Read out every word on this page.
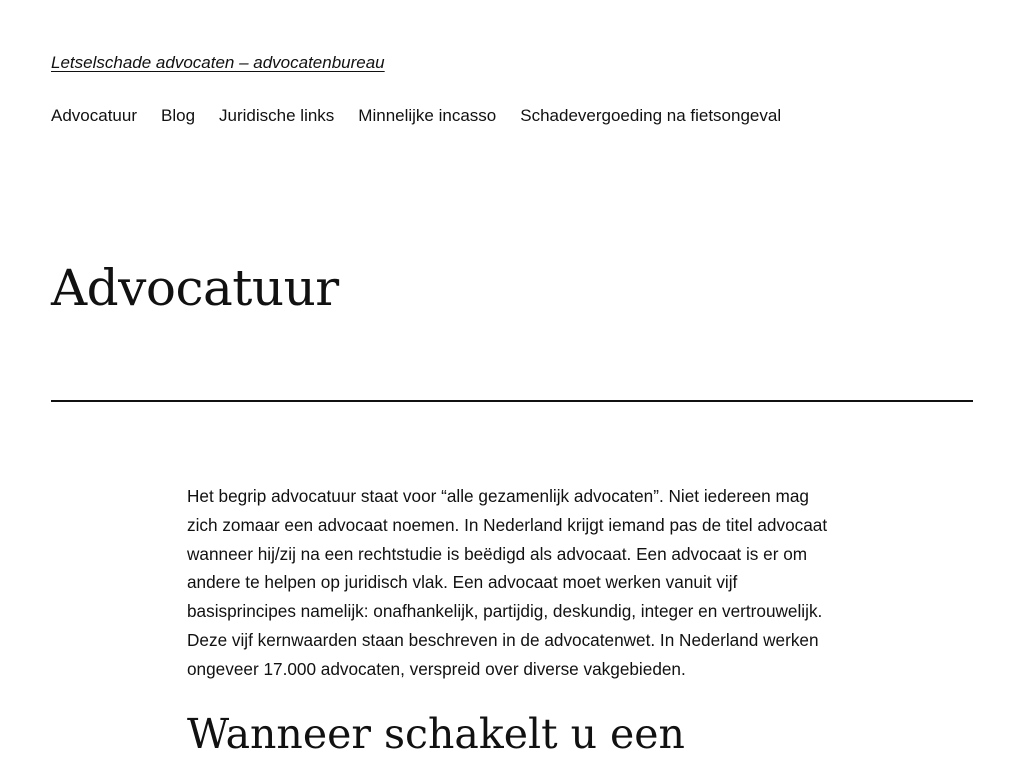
Letselschade advocaten – advocatenbureau
Advocatuur Blog Juridische links Minnelijke incasso Schadevergoeding na fietsongeval
Advocatuur

Het begrip advocatuur staat voor “alle gezamenlijk advocaten”. Niet iedereen mag zich zomaar een advocaat noemen. In Nederland krijgt iemand pas de titel advocaat wanneer hij/zij na een rechtstudie is beëdigd als advocaat. Een advocaat is er om andere te helpen op juridisch vlak. Een advocaat moet werken vanuit vijf basisprincipes namelijk: onafhankelijk, partijdig, deskundig, integer en vertrouwelijk. Deze vijf kernwaarden staan beschreven in de advocatenwet. In Nederland werken ongeveer 17.000 advocaten, verspreid over diverse vakgebieden.

Wanneer schakelt u een
